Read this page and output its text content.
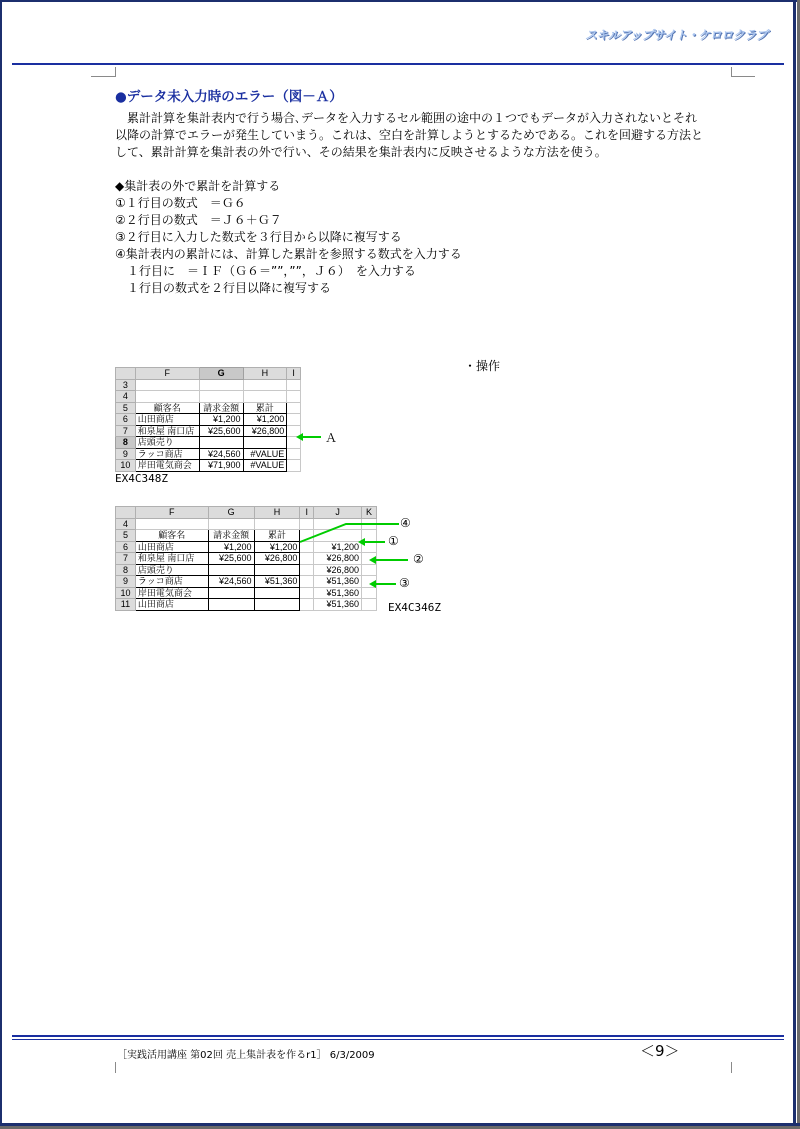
スキルアップサイト・ケロロクラブ
●データ未入力時のエラー（図－Ａ）
　累計計算を集計表内で行う場合､データを入力するセル範囲の途中の１つでもデータが入力されないとそれ
以降の計算でエラーが発生していまう。これは、空白を計算しようとするためである。これを回避する方法と
して、累計計算を集計表の外で行い、その結果を集計表内に反映させるような方法を使う。
◆集計表の外で累計を計算する
①１行目の数式　＝Ｇ６
②２行目の数式　＝Ｊ６＋Ｇ７
③２行目に入力した数式を３行目から以降に複写する
④集計表内の累計には、計算した累計を参照する数式を入力する
　１行目に　＝ＩＦ（Ｇ６＝””，””，Ｊ６）　を入力する
　１行目の数式を２行目以降に複写する
・操作
	F	G	H	I
3				
4				
5	顧客名	請求金額	累計	
6	山田商店	¥1,200	¥1,200	
7	和泉屋 南口店	¥25,600	¥26,800	
8	店頭売り			
9	ラッコ商店	¥24,560	#VALUE	
10	岸田電気商会	¥71,900	#VALUE	
Ａ
EX4C348Z
	F	G	H	I	J	K
4						
5	顧客名	請求金額	累計			
6	山田商店	¥1,200	¥1,200		¥1,200	
7	和泉屋 南口店	¥25,600	¥26,800		¥26,800	
8	店頭売り				¥26,800	
9	ラッコ商店	¥24,560	¥51,360		¥51,360	
10	岸田電気商会				¥51,360	
11	山田商店				¥51,360	
④
①
②
③
EX4C346Z
［実践活用講座 第02回 売上集計表を作るr1］ 6/3/2009	＜9＞
